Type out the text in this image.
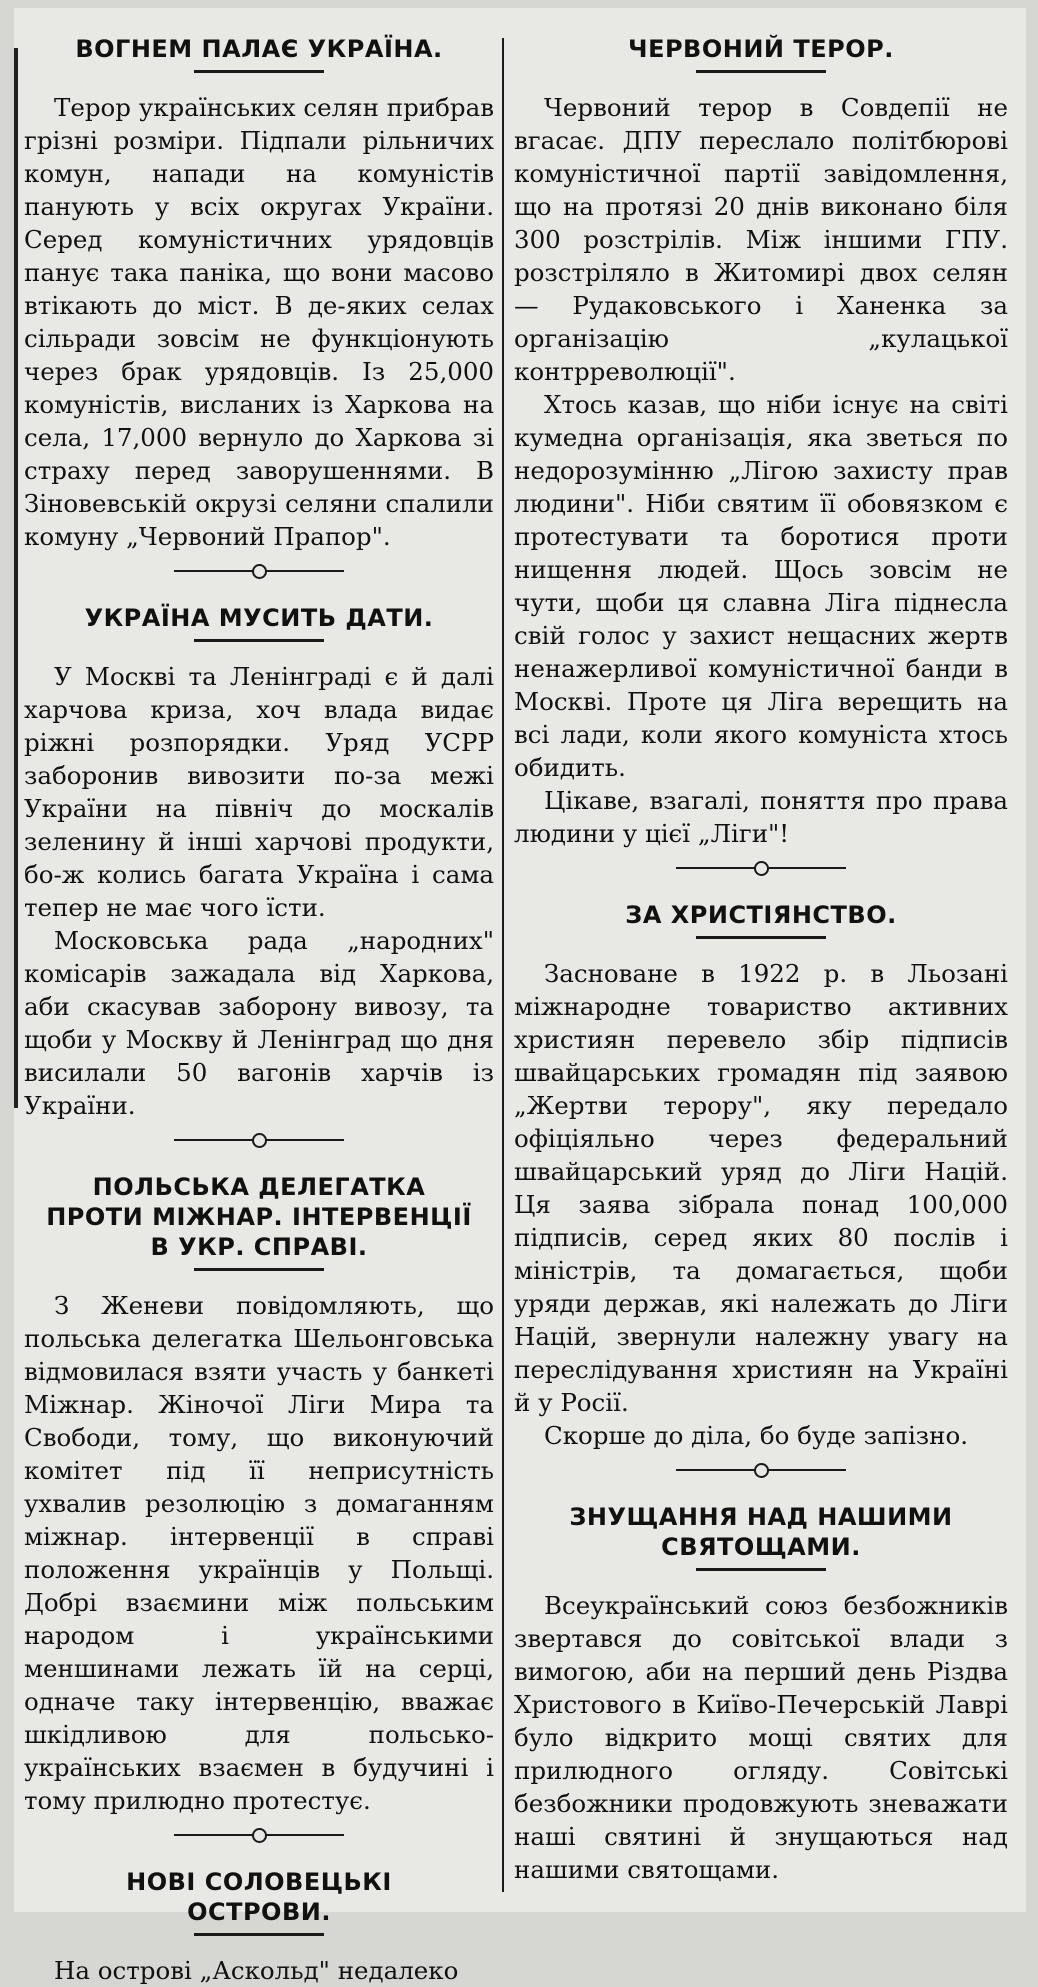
ВОГНЕМ ПАЛАЄ УКРАЇНА.

Терор українських селян прибрав грізні розміри. Підпали рільничих комун, напади на комуністів панують у всіх округах України. Серед комуністичних урядовців панує така паніка, що вони масово втікають до міст. В де-яких селах сільради зовсім не функціонують через брак урядовців. Із 25,000 комуністів, висланих із Харкова на села, 17,000 вернуло до Харкова зі страху перед заворушеннями. В Зіновевській окрузі селяни спалили комуну „Червоний Прапор".

УКРАЇНА МУСИТЬ ДАТИ.

У Москві та Ленінграді є й далі харчова криза, хоч влада видає ріжні розпорядки. Уряд УСРР заборонив вивозити по-за межі України на північ до москалів зеленину й інші харчові продукти, бо-ж колись багата Україна і сама тепер не має чого їсти.

Московська рада „народних" комісарів зажадала від Харкова, аби скасував заборону вивозу, та щоби у Москву й Ленінград що дня висилали 50 вагонів харчів із України.

ПОЛЬСЬКА ДЕЛЕГАТКА
ПРОТИ МІЖНАР. ІНТЕРВЕНЦІЇ
В УКР. СПРАВІ.

З Женеви повідомляють, що польська делегатка Шельонговська відмовилася взяти участь у банкеті Міжнар. Жіночої Ліги Мира та Свободи, тому, що виконуючий комітет під її неприсутність ухвалив резолюцію з домаганням міжнар. інтервенції в справі положення українців у Польщі. Добрі взаємини між польським народом і українськими меншинами лежать їй на серці, одначе таку інтервенцію, вважає шкідливою для польсько-українських взаємен в будучині і тому прилюдно протестує.

НОВІ СОЛОВЕЦЬКІ
ОСТРОВИ.

На острові „Аскольд" недалеко

ЧЕРВОНИЙ ТЕРОР.

Червоний терор в Совдепії не вгасає. ДПУ переслало політбюрові комуністичної партії завідомлення, що на протязі 20 днів виконано біля 300 розстрілів. Між іншими ГПУ. розстріляло в Житомирі двох селян — Рудаковського і Ханенка за організацію „кулацької контрреволюції".

Хтось казав, що ніби існує на світі кумедна організація, яка зветься по недорозумінню „Лігою захисту прав людини". Ніби святим її обовязком є протестувати та боротися проти нищення людей. Щось зовсім не чути, щоби ця славна Ліга піднесла свій голос у захист нещасних жертв ненажерливої комуністичної банди в Москві. Проте ця Ліга верещить на всі лади, коли якого комуніста хтось обидить.

Цікаве, взагалі, поняття про права людини у цієї „Ліги"!

ЗА ХРИСТІЯНСТВО.

Засноване в 1922 р. в Льозані міжнародне товариство активних християн перевело збір підписів швайцарських громадян під заявою „Жертви терору", яку передало офіціяльно через федеральний швайцарський уряд до Ліги Націй. Ця заява зібрала понад 100,000 підписів, серед яких 80 послів і міністрів, та домагається, щоби уряди держав, які належать до Ліги Націй, звернули належну увагу на переслідування християн на Україні й у Росії.

Скорше до діла, бо буде запізно.

ЗНУЩАННЯ НАД НАШИМИ
СВЯТОЩАМИ.

Всеукраїнський союз безбожників звертався до совітської влади з вимогою, аби на перший день Різдва Христового в Київо-Печерській Лаврі було відкрито мощі святих для прилюдного огляду. Совітські безбожники продовжують зневажати наші святині й знущаються над нашими святощами.
